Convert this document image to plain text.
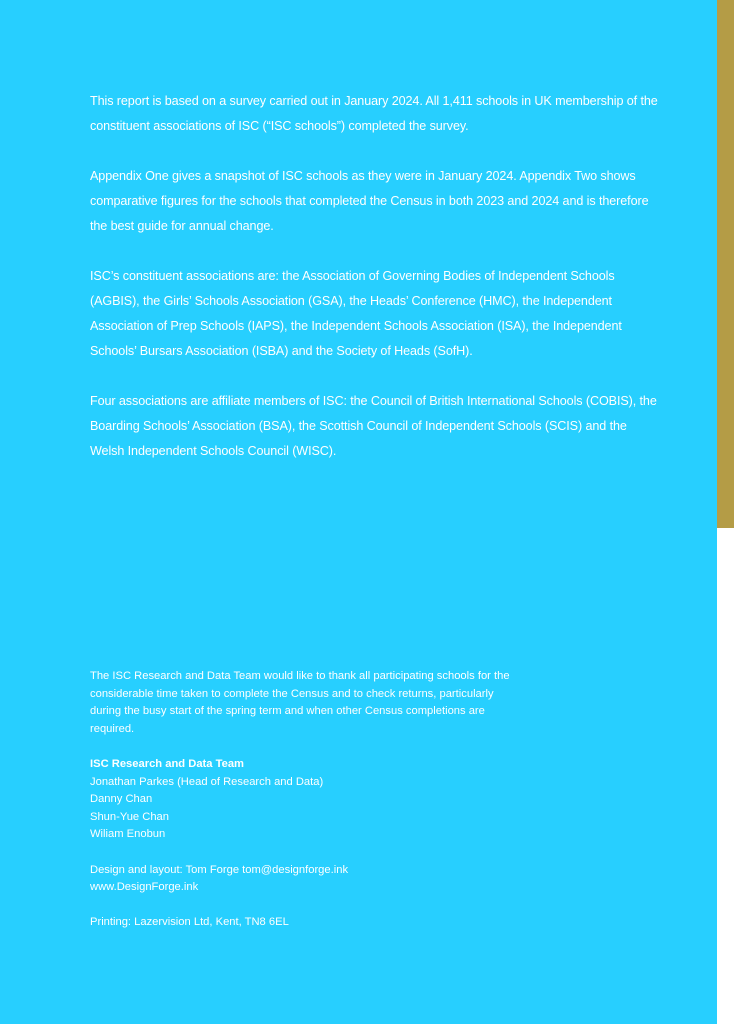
This report is based on a survey carried out in January 2024. All 1,411 schools in UK membership of the constituent associations of ISC (“ISC schools”) completed the survey.

Appendix One gives a snapshot of ISC schools as they were in January 2024. Appendix Two shows comparative figures for the schools that completed the Census in both 2023 and 2024 and is therefore the best guide for annual change.

ISC’s constituent associations are: the Association of Governing Bodies of Independent Schools (AGBIS), the Girls’ Schools Association (GSA), the Heads’ Conference (HMC), the Independent Association of Prep Schools (IAPS), the Independent Schools Association (ISA), the Independent Schools’ Bursars Association (ISBA) and the Society of Heads (SofH).

Four associations are affiliate members of ISC: the Council of British International Schools (COBIS), the Boarding Schools’ Association (BSA), the Scottish Council of Independent Schools (SCIS) and the Welsh Independent Schools Council (WISC).

The ISC Research and Data Team would like to thank all participating schools for the considerable time taken to complete the Census and to check returns, particularly during the busy start of the spring term and when other Census completions are required.

ISC Research and Data Team
Jonathan Parkes (Head of Research and Data)
Danny Chan
Shun-Yue Chan
Wiliam Enobun

Design and layout: Tom Forge tom@designforge.ink
www.DesignForge.ink

Printing: Lazervision Ltd, Kent, TN8 6EL
